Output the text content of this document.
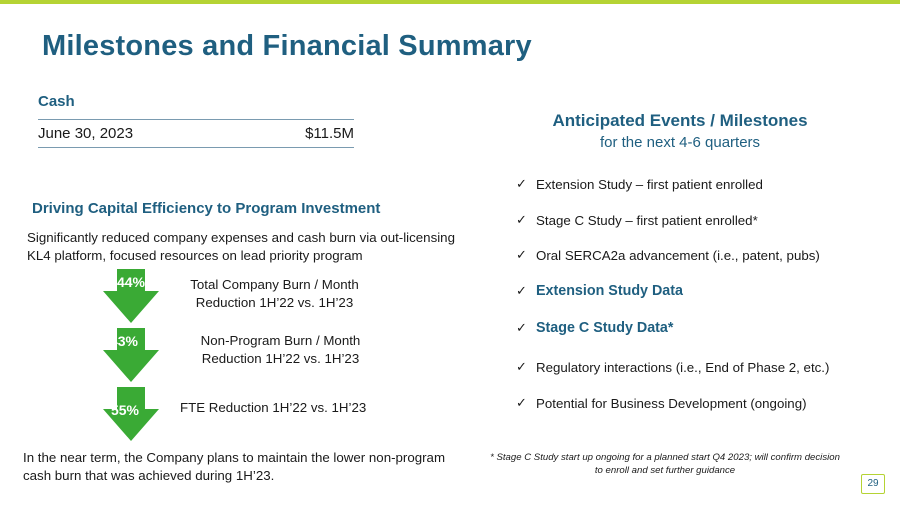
Milestones and Financial Summary
Cash
June 30, 2023	$11.5M
Driving Capital Efficiency to Program Investment
Significantly reduced company expenses and cash burn via out-licensing KL4 platform, focused resources on lead priority program
44%	Total Company Burn / Month
Reduction 1H’22 vs. 1H’23
43%	Non-Program Burn / Month
Reduction 1H’22 vs. 1H’23
55%	FTE Reduction 1H’22 vs. 1H’23
In the near term, the Company plans to maintain the lower non-program cash burn that was achieved during 1H’23.
Anticipated Events / Milestones
for the next 4-6 quarters
✓ Extension Study – first patient enrolled
✓ Stage C Study – first patient enrolled*
✓ Oral SERCA2a advancement (i.e., patent, pubs)
✓ Extension Study Data
✓ Stage C Study Data*
✓ Regulatory interactions (i.e., End of Phase 2, etc.)
✓ Potential for Business Development (ongoing)
* Stage C Study start up ongoing for a planned start Q4 2023; will confirm decision to enroll and set further guidance
29
